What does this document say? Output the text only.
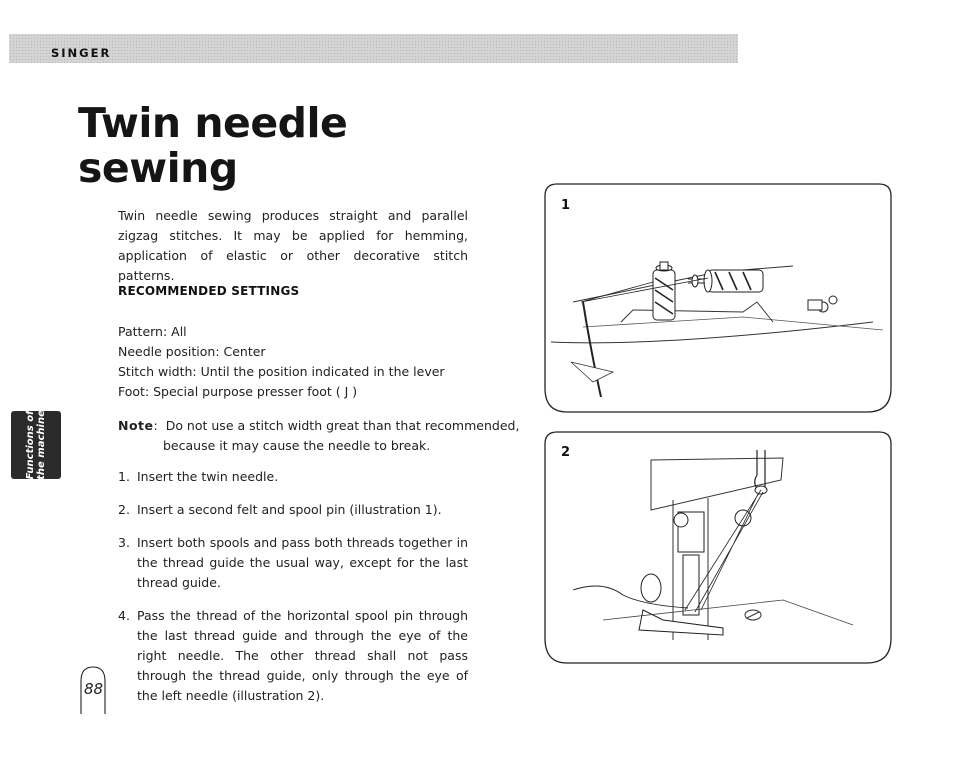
SINGER
Twin needle
sewing

Twin needle sewing produces straight and parallel zigzag stitches. It may be applied for hemming, application of elastic or other decorative stitch patterns.

RECOMMENDED SETTINGS
Pattern: All
Needle position: Center
Stitch width: Until the position indicated in the lever
Foot: Special purpose presser foot ( J )
Note: Do not use a stitch width great than that recommended,
because it may cause the needle to break.
1. Insert the twin needle.
2. Insert a second felt and spool pin (illustration 1).
3. Insert both spools and pass both threads together in the thread guide the usual way, except for the last thread guide.
4. Pass the thread of the horizontal spool pin through the last thread guide and through the eye of the right needle. The other thread shall not pass through the thread guide, only through the eye of the left needle (illustration 2).
Functions of
the machine
88
1
2
